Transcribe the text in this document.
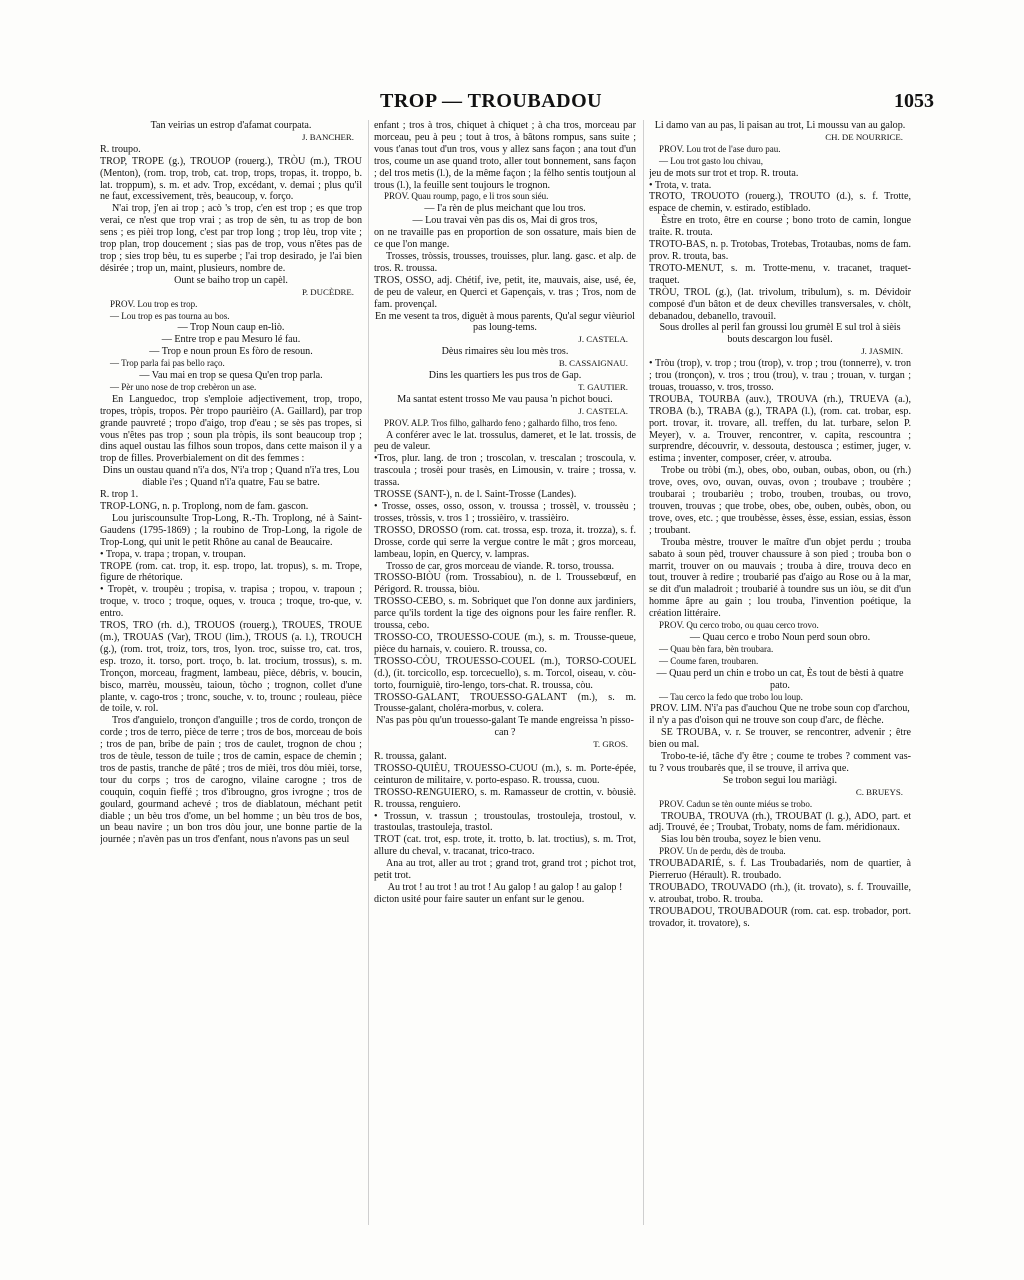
TROP — TROUBADOU	1053

Tan veirias un estrop d'afamat courpata.

J. BANCHER.

R. troupo.

TROP, TROPE (g.), TROUOP (rouerg.), TRÒU (m.), TROU (Menton), (rom. trop, trob, cat. trop, trops, tropas, it. troppo, b. lat. troppum), s. m. et adv. Trop, excédant, v. demai ; plus qu'il ne faut, excessivement, très, beaucoup, v. forço.

N'ai trop, j'en ai trop ; acò 's trop, c'en est trop ; es que trop verai, ce n'est que trop vrai ; as trop de sèn, tu as trop de bon sens ; es pièi trop long, c'est par trop long ; trop lèu, trop vite ; trop plan, trop doucement ; sias pas de trop, vous n'êtes pas de trop ; sies trop bèu, tu es superbe ; l'ai trop desirado, je l'ai bien désirée ; trop un, maint, plusieurs, nombre de.

Ount se baiho trop un capèl.

P. DUCÈDRE.

PROV. Lou trop es trop.

— Lou trop es pas tourna au bos.

— Trop Noun caup en-liò.

— Entre trop e pau Mesuro lé fau.

— Trop e noun proun Es fòro de resoun.

— Trop parla fai pas bello raço.

— Vau mai en trop se quesa Qu'en trop parla.

— Pèr uno nose de trop crebèron un ase.

En Languedoc, trop s'emploie adjectivement, trop, tropo, tropes, tròpis, tropos. Pèr tropo paurièiro (A. Gaillard), par trop grande pauvreté ; tropo d'aigo, trop d'eau ; se sès pas tropes, si vous n'êtes pas trop ; soun pla tròpis, ils sont beaucoup trop ; dins aquel oustau las filhos soun tropos, dans cette maison il y a trop de filles. Proverbialement on dit des femmes :

Dins un oustau quand n'i'a dos, N'i'a trop ; Quand n'i'a tres, Lou diable i'es ; Quand n'i'a quatre, Fau se batre.

R. trop 1.

TROP-LONG, n. p. Troplong, nom de fam. gascon.

Lou juriscounsulte Trop-Long, R.-Th. Troplong, né à Saint-Gaudens (1795-1869) ; la roubino de Trop-Long, la rigole de Trop-Long, qui unit le petit Rhône au canal de Beaucaire.

• Tropa, v. trapa ; tropan, v. troupan.

TROPE (rom. cat. trop, it. esp. tropo, lat. tropus), s. m. Trope, figure de rhétorique.

• Tropèt, v. troupèu ; tropisa, v. trapisa ; tropou, v. trapoun ; troque, v. troco ; troque, oques, v. trouca ; troque, tro-que, v. entro.

TROS, TRO (rh. d.), TROUOS (rouerg.), TROUES, TROUE (m.), TROUAS (Var), TROU (lim.), TROUS (a. l.), TROUCH (g.), (rom. trot, troiz, tors, tros, lyon. troc, suisse tro, cat. tros, esp. trozo, it. torso, port. troço, b. lat. trocium, trossus), s. m. Tronçon, morceau, fragment, lambeau, pièce, débris, v. boucin, bisco, marrèu, moussèu, taioun, tòcho ; trognon, collet d'une plante, v. cago-tros ; tronc, souche, v. to, trounc ; rouleau, pièce de toile, v. rol.

Tros d'anguielo, tronçon d'anguille ; tros de cordo, tronçon de corde ; tros de terro, pièce de terre ; tros de bos, morceau de bois ; tros de pan, bribe de pain ; tros de caulet, trognon de chou ; tros de tèule, tesson de tuile ; tros de camin, espace de chemin ; tros de pastis, tranche de pâté ; tros de mièi, tros dòu mièi, torse, tour du corps ; tros de carogno, vilaine carogne ; tros de couquin, coquin fieffé ; tros d'ibrougno, gros ivrogne ; tros de goulard, gourmand achevé ; tros de diablatoun, méchant petit diable ; un bèu tros d'ome, un bel homme ; un bèu tros de bos, un beau navire ; un bon tros dòu jour, une bonne partie de la journée ; n'avèn pas un tros d'enfant, nous n'avons pas un seul

enfant ; tros à tros, chiquet à chiquet ; à cha tros, morceau par morceau, peu à peu ; tout à tros, à bâtons rompus, sans suite ; vous t'anas tout d'un tros, vous y allez sans façon ; ana tout d'un tros, coume un ase quand troto, aller tout bonnement, sans façon ; del tros metis (l.), de la même façon ; la fèlho sentis toutjoun al trous (l.), la feuille sent toujours le trognon.

PROV. Quau roump, pago, e li tros soun siéu.

— I'a rèn de plus meichant que lou tros.

— Lou travai vèn pas dis os, Mai di gros tros,

on ne travaille pas en proportion de son ossature, mais bien de ce que l'on mange.

Trosses, tròssis, trousses, trouisses, plur. lang. gasc. et alp. de tros. R. troussa.

TROS, OSSO, adj. Chétif, ive, petit, ite, mauvais, aise, usé, ée, de peu de valeur, en Quercì et Gapençais, v. tras ; Tros, nom de fam. provençal.

En me vesent ta tros, diguèt à mous parents, Qu'al segur vièuriol pas loung-tems.

J. CASTELA.

Dèus rimaires sèu lou mès tros.

B. CASSAIGNAU.

Dins les quartiers les pus tros de Gap.

T. GAUTIER.

Ma santat estent trosso Me vau pausa 'n pichot bouci.

J. CASTELA.

PROV. ALP. Tros filho, galhardo feno ; galhardo filho, tros feno.

A conférer avec le lat. trossulus, dameret, et le lat. trossis, de peu de valeur.

•Tros, plur. lang. de tron ; troscolan, v. trescalan ; troscoula, v. trascoula ; trosèi pour trasès, en Limousin, v. traire ; trossa, v. trassa.

TROSSE (SANT-), n. de l. Saint-Trosse (Landes).

• Trosse, osses, osso, osson, v. troussa ; trossèl, v. troussèu ; trosses, tròssis, v. tros 1 ; trossièiro, v. trassièiro.

TROSSO, DROSSO (rom. cat. trossa, esp. troza, it. trozza), s. f. Drosse, corde qui serre la vergue contre le mât ; gros morceau, lambeau, lopin, en Quercy, v. lampras.

Trosso de car, gros morceau de viande. R. torso, troussa.

TROSSO-BIÒU (rom. Trossabiou), n. de l. Troussebœuf, en Périgord. R. troussa, biòu.

TROSSO-CEBO, s. m. Sobriquet que l'on donne aux jardiniers, parce qu'ils tordent la tige des oignons pour les faire renfler. R. troussa, cebo.

TROSSO-CO, TROUESSO-COUE (m.), s. m. Trousse-queue, pièce du harnais, v. couiero. R. troussa, co.

TROSSO-CÒU, TROUESSO-COUEL (m.), TORSO-COUEL (d.), (it. torcicollo, esp. torcecuello), s. m. Torcol, oiseau, v. còu-torto, fourniguiè, tiro-lengo, tors-chat. R. troussa, còu.

TROSSO-GALANT, TROUESSO-GALANT (m.), s. m. Trousse-galant, choléra-morbus, v. colera.

N'as pas pòu qu'un trouesso-galant Te mande engreissa 'n pisso-can ?

T. GROS.

R. troussa, galant.

TROSSO-QUIÈU, TROUESSO-CUOU (m.), s. m. Porte-épée, ceinturon de militaire, v. porto-espaso. R. troussa, cuou.

TROSSO-RENGUIERO, s. m. Ramasseur de crottin, v. bòusiè. R. troussa, renguiero.

• Trossun, v. trassun ; troustoulas, trostouleja, trostoul, v. trastoulas, trastouleja, trastol.

TROT (cat. trot, esp. trote, it. trotto, b. lat. troctius), s. m. Trot, allure du cheval, v. tracanat, trico-traco.

Ana au trot, aller au trot ; grand trot, grand trot ; pichot trot, petit trot.

Au trot ! au trot ! au trot ! Au galop ! au galop ! au galop !

dicton usité pour faire sauter un enfant sur le genou.

Li damo van au pas, li paisan au trot, Li moussu van au galop.

CH. DE NOURRICE.

PROV. Lou trot de l'ase duro pau.

— Lou trot gasto lou chivau,

jeu de mots sur trot et trop. R. trouta.

• Trota, v. trata.

TROTO, TROUOTO (rouerg.), TROUTO (d.), s. f. Trotte, espace de chemin, v. estirado, estiblado.

Èstre en troto, être en course ; bono troto de camin, longue traite. R. trouta.

TROTO-BAS, n. p. Trotobas, Trotebas, Trotaubas, noms de fam. prov. R. trouta, bas.

TROTO-MENUT, s. m. Trotte-menu, v. tracanet, traquet-traquet.

TRÒU, TROL (g.), (lat. trivolum, tribulum), s. m. Dévidoir composé d'un bâton et de deux chevilles transversales, v. chòlt, debanadou, debanello, travouil.

Sous drolles al peril fan groussi lou grumèl E sul trol à sièis bouts descargon lou fusèl.

J. JASMIN.

• Tròu (trop), v. trop ; trou (trop), v. trop ; trou (tonnerre), v. tron ; trou (tronçon), v. tros ; trou (trou), v. trau ; trouan, v. turgan ; trouas, trouasso, v. tros, trosso.

TROUBA, TOURBA (auv.), TROUVA (rh.), TRUEVA (a.), TROBA (b.), TRABA (g.), TRAPA (l.), (rom. cat. trobar, esp. port. trovar, it. trovare, all. treffen, du lat. turbare, selon P. Meyer), v. a. Trouver, rencontrer, v. capita, rescountra ; surprendre, découvrir, v. dessouta, destousca ; estimer, juger, v. estima ; inventer, composer, créer, v. atrouba.

Trobe ou tròbi (m.), obes, obo, ouban, oubas, obon, ou (rh.) trove, oves, ovo, ouvan, ouvas, ovon ; troubave ; troubère ; troubarai ; troubarièu ; trobo, trouben, troubas, ou trovo, trouven, trouvas ; que trobe, obes, obe, ouben, oubès, obon, ou trove, oves, etc. ; que troubèsse, èsses, èsse, essian, essias, èsson ; troubant.

Trouba mèstre, trouver le maître d'un objet perdu ; trouba sabato à soun pèd, trouver chaussure à son pied ; trouba bon o marrit, trouver on ou mauvais ; trouba à dire, trouva deco en tout, trouver à redire ; troubarié pas d'aigo au Rose ou à la mar, se dit d'un maladroit ; troubarié à toundre sus un iòu, se dit d'un homme âpre au gain ; lou trouba, l'invention poétique, la création littéraire.

PROV. Qu cerco trobo, ou quau cerco trovo.

— Quau cerco e trobo Noun perd soun obro.

— Quau bèn fara, bèn troubara.

— Coume faren, troubaren.

— Quau perd un chin e trobo un cat, Ès tout de bèsti à quatre pato.

— Tau cerco la fedo que trobo lou loup.

PROV. LIM. N'i'a pas d'auchou Que ne trobe soun cop d'archou,

il n'y a pas d'oison qui ne trouve son coup d'arc, de flèche.

SE TROUBA, v. r. Se trouver, se rencontrer, advenir ; être bien ou mal.

Trobo-te-ié, tâche d'y être ; coume te trobes ? comment vas-tu ? vous troubarès que, il se trouve, il arriva que.

Se trobon segui lou mariàgi.

C. BRUEYS.

PROV. Cadun se tèn ounte miéus se trobo.

TROUBA, TROUVA (rh.), TROUBAT (l. g.), ADO, part. et adj. Trouvé, ée ; Troubat, Trobaty, noms de fam. méridionaux.

Sias lou bèn trouba, soyez le bien venu.

PROV. Un de perdu, dès de trouba.

TROUBADARIÉ, s. f. Las Troubadariés, nom de quartier, à Pierreruo (Hérault). R. troubado.

TROUBADO, TROUVADO (rh.), (it. trovato), s. f. Trouvaille, v. atroubat, trobo. R. trouba.

TROUBADOU, TROUBADOUR (rom. cat. esp. trobador, port. trovador, it. trovatore), s.
